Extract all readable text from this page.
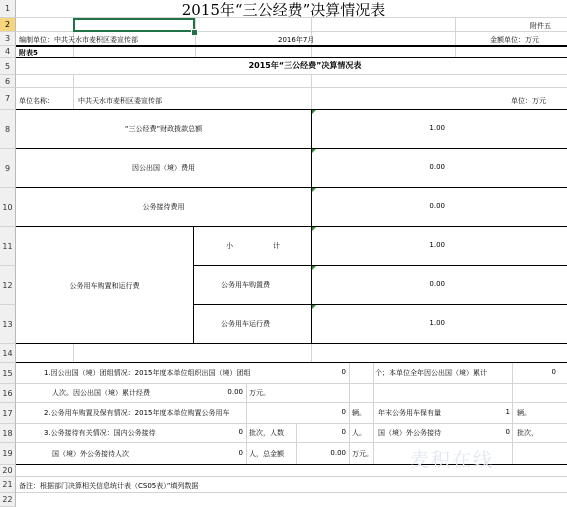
1
2
3
4
5
6
7
8
9
10
11
12
13
14
15
16
17
18
19
20
21
22
2015年“三公经费”决算情况表
附件五
编制单位：中共天水市麦积区委宣传部	2016年7月	金额单位：万元
附表5
2015年“三公经费”决算情况表
单位名称：	中共天水市麦积区委宣传部	单位：万元
“三公经费”财政拨款总额	1.00
因公出国（境）费用	0.00
公务接待费用	0.00
公务用车购置和运行费
小	计	1.00
公务用车购置费	0.00
公务用车运行费	1.00
1.因公出国（境）团组情况：2015年度本单位组织出国（境）团组	0	个；本单位全年因公出国（境）累计	0
人次。因公出国（境）累计经费	0.00 万元。
2.公务用车购置及保有情况：2015年度本单位购置公务用车	0 辆。 年末公务用车保有量	1 辆。
3.公务接待有关情况：国内公务接待	0 批次，人数	0 人。 国（境）外公务接待	0 批次，
国（境）外公务接待人次	0 人，总金额	0.00 万元。
备注：根据部门决算相关信息统计表（CS05表）”填列数据
麦积在线
